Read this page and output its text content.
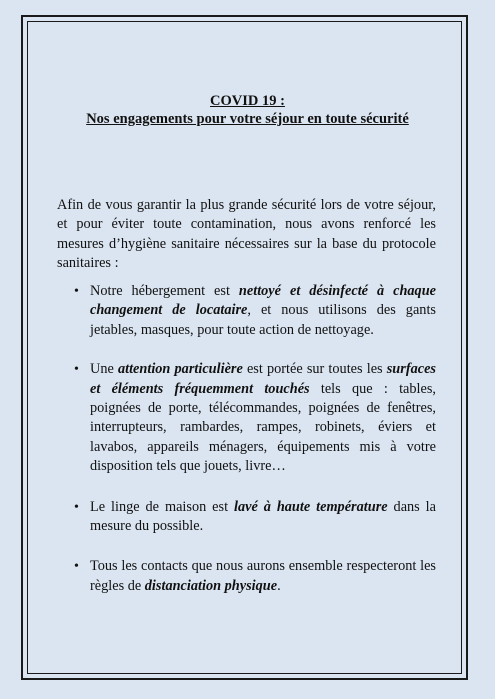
COVID 19 :
Nos engagements pour votre séjour en toute sécurité

Afin de vous garantir la plus grande sécurité lors de votre séjour, et pour éviter toute contamination, nous avons renforcé les mesures d’hygiène sanitaire nécessaires sur la base du protocole sanitaires :

• Notre hébergement est nettoyé et désinfecté à chaque changement de locataire, et nous utilisons des gants jetables, masques, pour toute action de nettoyage.
• Une attention particulière est portée sur toutes les surfaces et éléments fréquemment touchés tels que : tables, poignées de porte, télécommandes, poignées de fenêtres, interrupteurs, rambardes, rampes, robinets, éviers et lavabos, appareils ménagers, équipements mis à votre disposition tels que jouets, livre…
• Le linge de maison est lavé à haute température dans la mesure du possible.
• Tous les contacts que nous aurons ensemble respecteront les règles de distanciation physique.
